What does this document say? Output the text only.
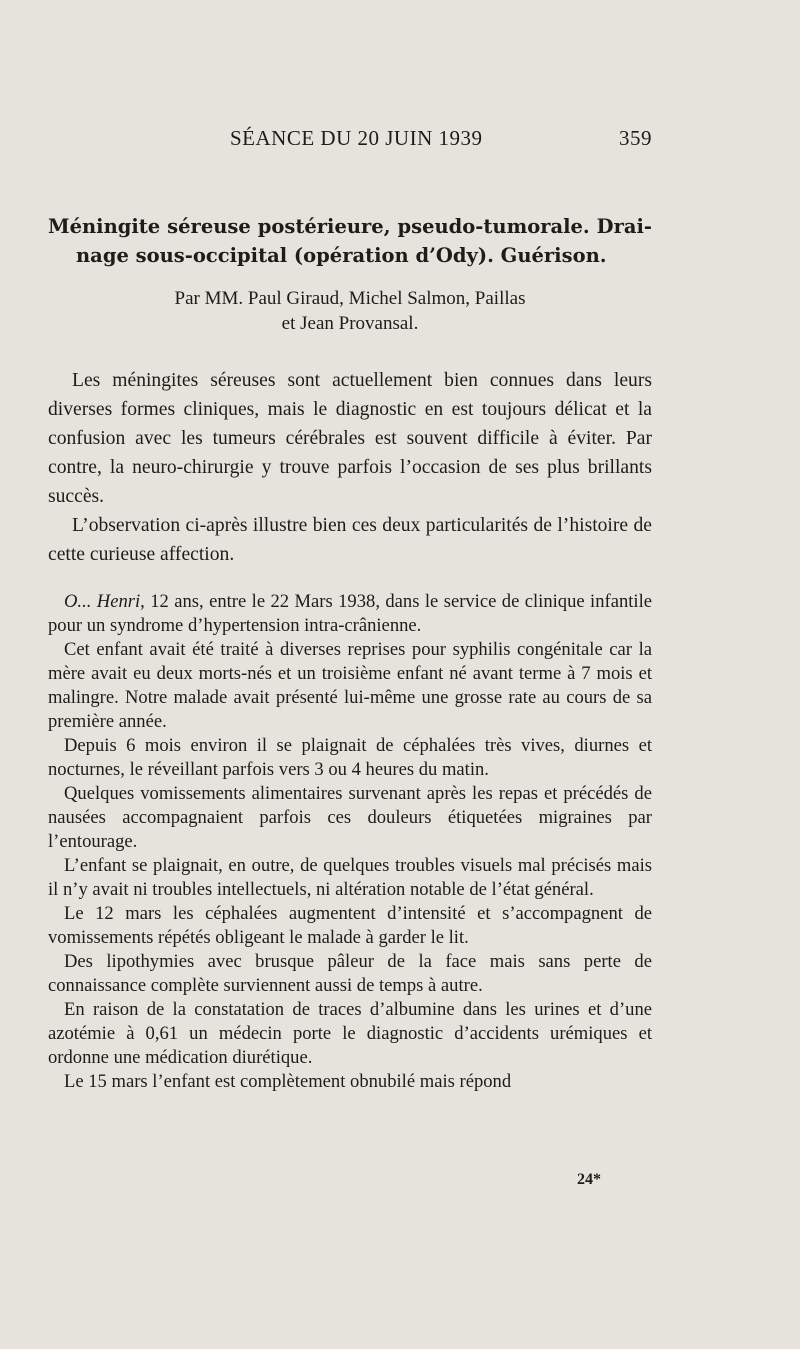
SÉANCE DU 20 JUIN 1939	359
Méningite séreuse postérieure, pseudo-tumorale. Drai-
nage sous-occipital (opération d’Ody). Guérison.
Par MM. Paul Giraud, Michel Salmon, Paillas
et Jean Provansal.

Les méningites séreuses sont actuellement bien connues dans leurs diverses formes cliniques, mais le diagnostic en est toujours délicat et la confusion avec les tumeurs cérébrales est souvent difficile à éviter. Par contre, la neuro-chirurgie y trouve parfois l’occasion de ses plus brillants succès.

L’observation ci-après illustre bien ces deux particularités de l’histoire de cette curieuse affection.

O... Henri, 12 ans, entre le 22 Mars 1938, dans le service de clinique infantile pour un syndrome d’hypertension intra-crânienne.

Cet enfant avait été traité à diverses reprises pour syphilis congénitale car la mère avait eu deux morts-nés et un troisième enfant né avant terme à 7 mois et malingre. Notre malade avait présenté lui-même une grosse rate au cours de sa première année.

Depuis 6 mois environ il se plaignait de céphalées très vives, diurnes et nocturnes, le réveillant parfois vers 3 ou 4 heures du matin.

Quelques vomissements alimentaires survenant après les repas et précédés de nausées accompagnaient parfois ces douleurs étiquetées migraines par l’entourage.

L’enfant se plaignait, en outre, de quelques troubles visuels mal précisés mais il n’y avait ni troubles intellectuels, ni altération notable de l’état général.

Le 12 mars les céphalées augmentent d’intensité et s’accompagnent de vomissements répétés obligeant le malade à garder le lit.

Des lipothymies avec brusque pâleur de la face mais sans perte de connaissance complète surviennent aussi de temps à autre.

En raison de la constatation de traces d’albumine dans les urines et d’une azotémie à 0,61 un médecin porte le diagnostic d’accidents urémiques et ordonne une médication diurétique.

Le 15 mars l’enfant est complètement obnubilé mais répond

24*
